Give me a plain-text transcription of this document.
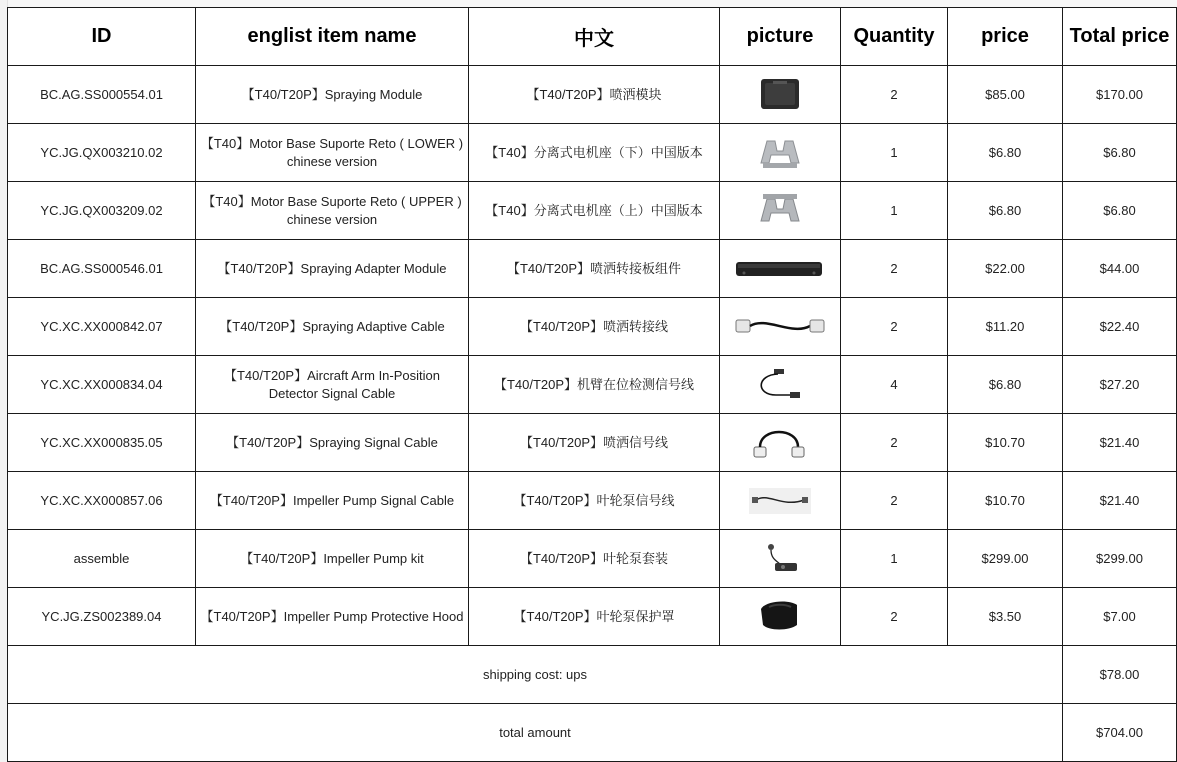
ID	englist item name	中文	picture	Quantity	price	Total price
BC.AG.SS000554.01	【T40/T20P】Spraying Module	【T40/T20P】喷洒模块		2	$85.00	$170.00
YC.JG.QX003210.02	【T40】Motor Base Suporte Reto ( LOWER ) chinese version	【T40】分离式电机座（下）中国版本		1	$6.80	$6.80
YC.JG.QX003209.02	【T40】Motor Base Suporte Reto ( UPPER ) chinese version	【T40】分离式电机座（上）中国版本		1	$6.80	$6.80
BC.AG.SS000546.01	【T40/T20P】Spraying Adapter Module	【T40/T20P】喷洒转接板组件		2	$22.00	$44.00
YC.XC.XX000842.07	【T40/T20P】Spraying Adaptive Cable	【T40/T20P】喷洒转接线		2	$11.20	$22.40
YC.XC.XX000834.04	【T40/T20P】Aircraft Arm In-Position Detector Signal Cable	【T40/T20P】机臂在位检测信号线		4	$6.80	$27.20
YC.XC.XX000835.05	【T40/T20P】Spraying Signal Cable	【T40/T20P】喷洒信号线		2	$10.70	$21.40
YC.XC.XX000857.06	【T40/T20P】Impeller Pump Signal Cable	【T40/T20P】叶轮泵信号线		2	$10.70	$21.40
assemble	【T40/T20P】Impeller Pump kit	【T40/T20P】叶轮泵套装		1	$299.00	$299.00
YC.JG.ZS002389.04	【T40/T20P】Impeller Pump Protective Hood	【T40/T20P】叶轮泵保护罩		2	$3.50	$7.00
shipping cost: ups						$78.00
total amount						$704.00
